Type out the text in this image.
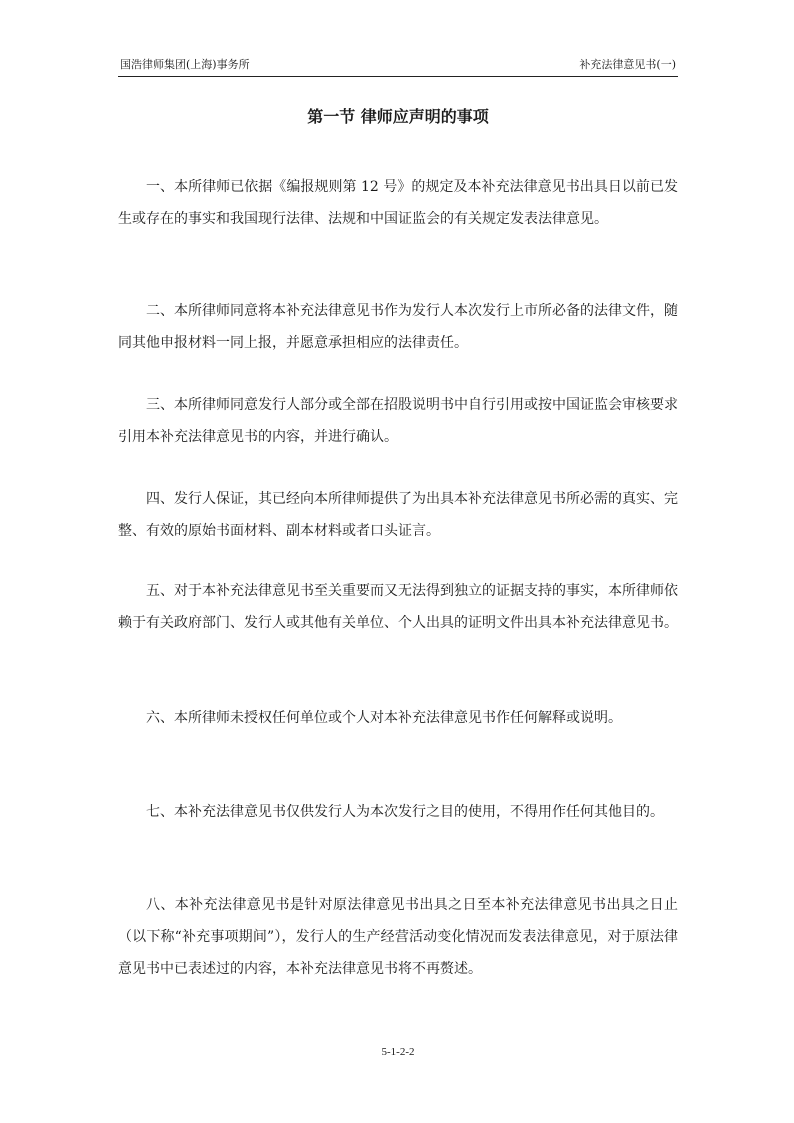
国浩律师集团(上海)事务所	补充法律意见书(一)
第一节 律师应声明的事项

一、本所律师已依据《编报规则第 12 号》的规定及本补充法律意见书出具日以前已发生或存在的事实和我国现行法律、法规和中国证监会的有关规定发表法律意见。

二、本所律师同意将本补充法律意见书作为发行人本次发行上市所必备的法律文件，随同其他申报材料一同上报，并愿意承担相应的法律责任。

三、本所律师同意发行人部分或全部在招股说明书中自行引用或按中国证监会审核要求引用本补充法律意见书的内容，并进行确认。

四、发行人保证，其已经向本所律师提供了为出具本补充法律意见书所必需的真实、完整、有效的原始书面材料、副本材料或者口头证言。

五、对于本补充法律意见书至关重要而又无法得到独立的证据支持的事实，本所律师依赖于有关政府部门、发行人或其他有关单位、个人出具的证明文件出具本补充法律意见书。

六、本所律师未授权任何单位或个人对本补充法律意见书作任何解释或说明。

七、本补充法律意见书仅供发行人为本次发行之目的使用，不得用作任何其他目的。

八、本补充法律意见书是针对原法律意见书出具之日至本补充法律意见书出具之日止（以下称“补充事项期间”），发行人的生产经营活动变化情况而发表法律意见，对于原法律意见书中已表述过的内容，本补充法律意见书将不再赘述。

5-1-2-2
